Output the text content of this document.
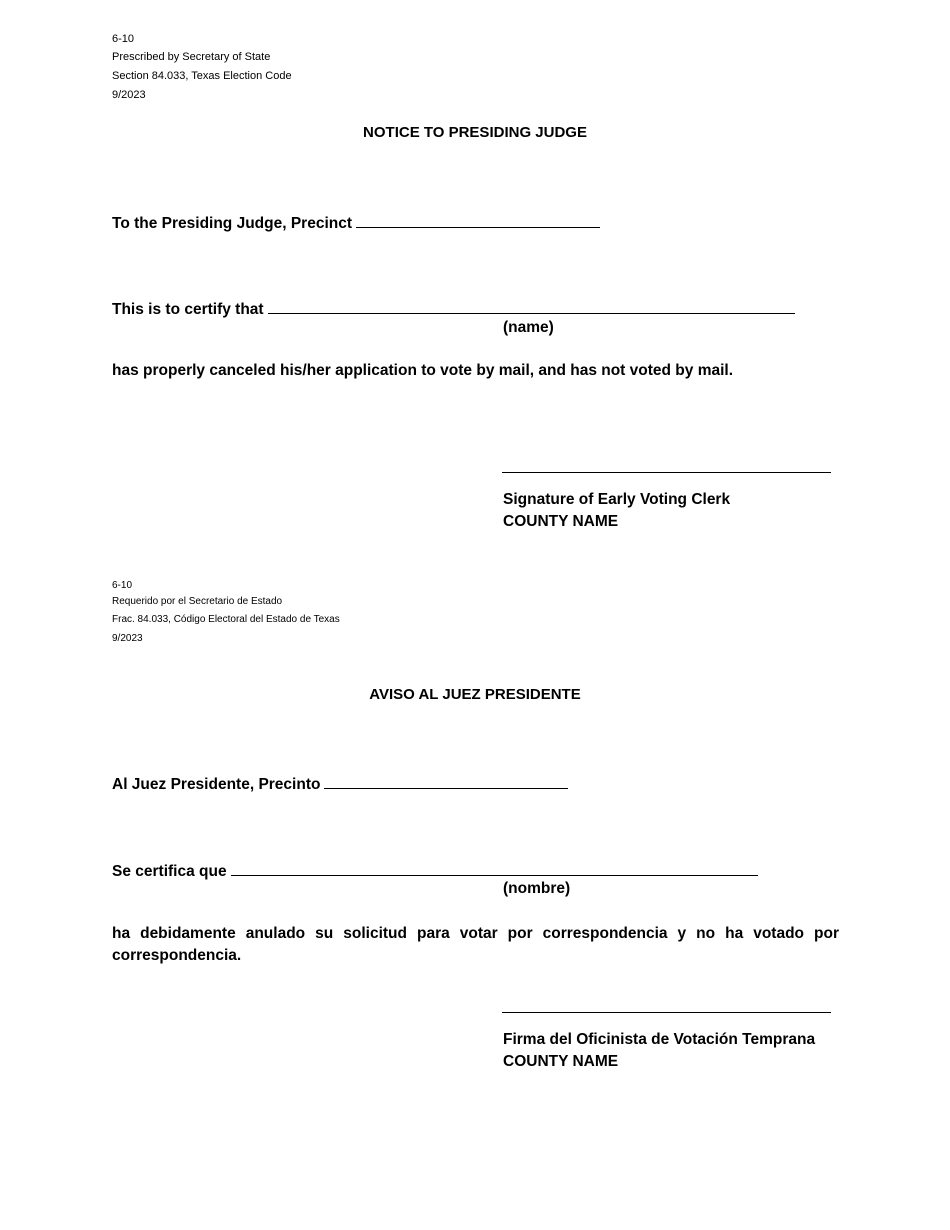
6-10
Prescribed by Secretary of State
Section 84.033, Texas Election Code
9/2023
NOTICE TO PRESIDING JUDGE
To the Presiding Judge, Precinct
This is to certify that
(name)
has properly canceled his/her application to vote by mail, and has not voted by mail.
Signature of Early Voting Clerk
COUNTY NAME
6-10
Requerido por el Secretario de Estado
Frac. 84.033, Código Electoral del Estado de Texas
9/2023
AVISO AL JUEZ PRESIDENTE
Al Juez Presidente, Precinto
Se certifica que
(nombre)
ha debidamente anulado su solicitud para votar por correspondencia y no ha votado por correspondencia.
Firma del Oficinista de Votación Temprana
COUNTY NAME
